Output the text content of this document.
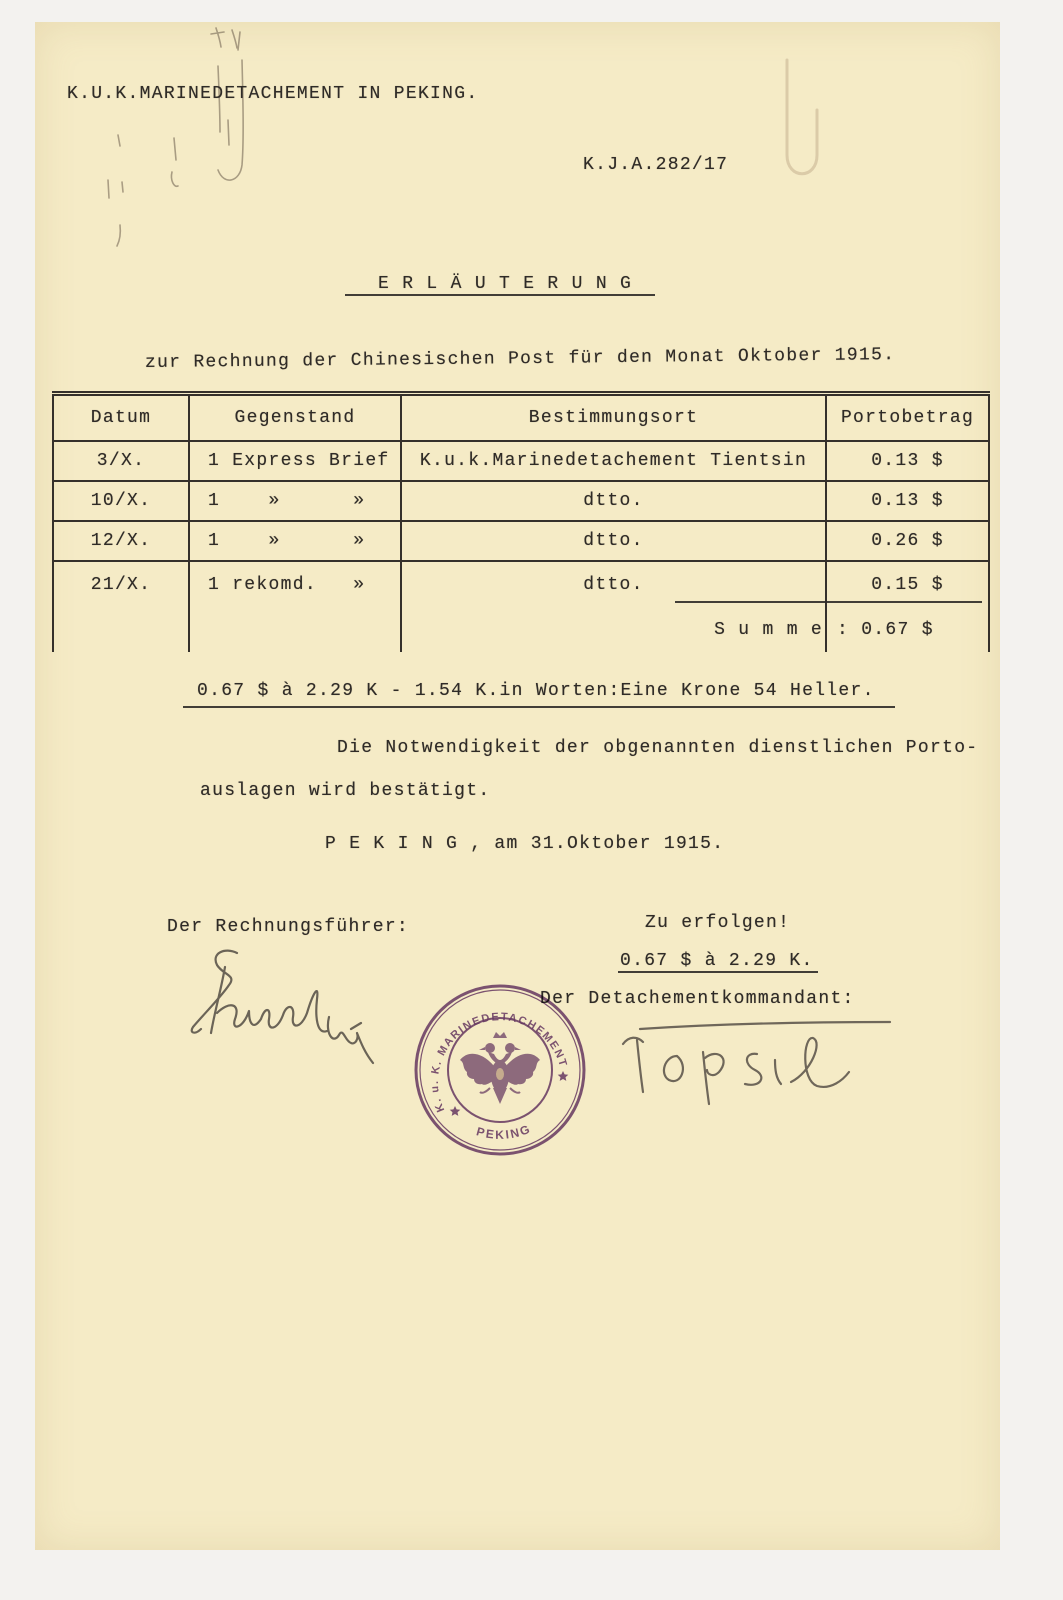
K.U.K.MARINEDETACHEMENT IN PEKING.
K.J.A.282/17
E R L Ä U T E R U N G
zur Rechnung der Chinesischen Post für den Monat Oktober 1915.
Datum	Gegenstand	Bestimmungsort	Portobetrag
3/X.	1 Express Brief	K.u.k.Marinedetachement Tientsin	0.13 $
10/X.	1    »      »	dtto.	0.13 $
12/X.	1    »      »	dtto.	0.26 $
21/X.	1 rekomd.   »	dtto.	0.15 $
		S u m m e	: 0.67 $
0.67 $ à 2.29 K - 1.54 K.in Worten:Eine Krone 54 Heller.
Die Notwendigkeit der obgenannten dienstlichen Porto-
auslagen wird bestätigt.
P E K I N G , am 31.Oktober 1915.
Der Rechnungsführer:	Zu erfolgen!
0.67 $ à 2.29 K.
Der Detachementkommandant:
K. u. K. MARINEDETACHEMENT
PEKING
